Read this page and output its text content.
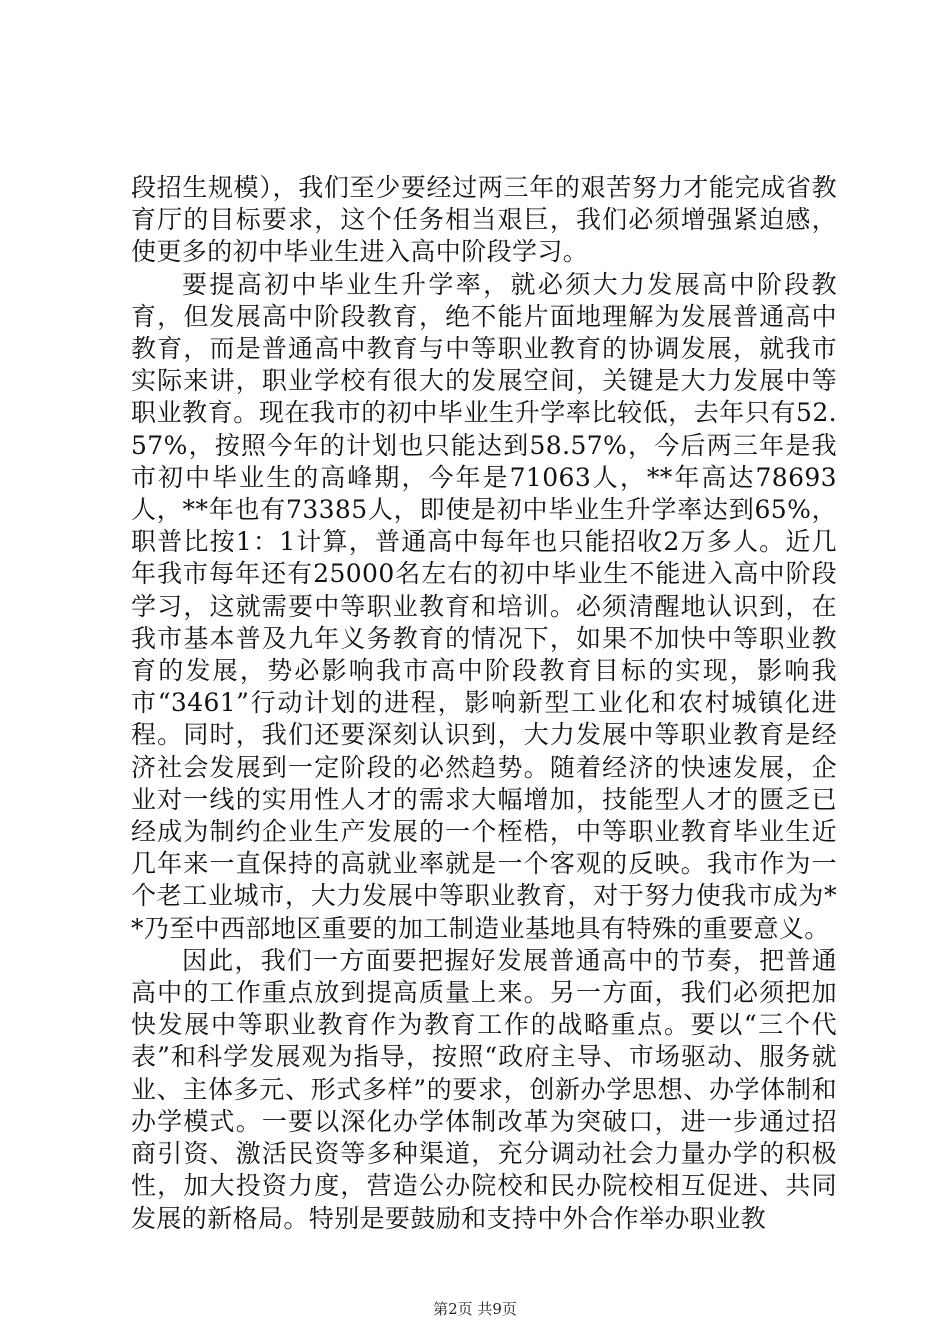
段招生规模），我们至少要经过两三年的艰苦努力才能完成省教育厅的目标要求，这个任务相当艰巨，我们必须增强紧迫感，使更多的初中毕业生进入高中阶段学习。

要提高初中毕业生升学率，就必须大力发展高中阶段教育，但发展高中阶段教育，绝不能片面地理解为发展普通高中教育，而是普通高中教育与中等职业教育的协调发展，就我市实际来讲，职业学校有很大的发展空间，关键是大力发展中等职业教育。现在我市的初中毕业生升学率比较低，去年只有52.57%，按照今年的计划也只能达到58.57%，今后两三年是我市初中毕业生的高峰期，今年是71063人，**年高达78693人，**年也有73385人，即使是初中毕业生升学率达到65%，职普比按1：1计算，普通高中每年也只能招收2万多人。近几年我市每年还有25000名左右的初中毕业生不能进入高中阶段学习，这就需要中等职业教育和培训。必须清醒地认识到，在我市基本普及九年义务教育的情况下，如果不加快中等职业教育的发展，势必影响我市高中阶段教育目标的实现，影响我市“3461”行动计划的进程，影响新型工业化和农村城镇化进程。同时，我们还要深刻认识到，大力发展中等职业教育是经济社会发展到一定阶段的必然趋势。随着经济的快速发展，企业对一线的实用性人才的需求大幅增加，技能型人才的匮乏已经成为制约企业生产发展的一个桎梏，中等职业教育毕业生近几年来一直保持的高就业率就是一个客观的反映。我市作为一个老工业城市，大力发展中等职业教育，对于努力使我市成为**乃至中西部地区重要的加工制造业基地具有特殊的重要意义。

因此，我们一方面要把握好发展普通高中的节奏，把普通高中的工作重点放到提高质量上来。另一方面，我们必须把加快发展中等职业教育作为教育工作的战略重点。要以“三个代表”和科学发展观为指导，按照“政府主导、市场驱动、服务就业、主体多元、形式多样”的要求，创新办学思想、办学体制和办学模式。一要以深化办学体制改革为突破口，进一步通过招商引资、激活民资等多种渠道，充分调动社会力量办学的积极性，加大投资力度，营造公办院校和民办院校相互促进、共同发展的新格局。特别是要鼓励和支持中外合作举办职业教

第2页 共9页
